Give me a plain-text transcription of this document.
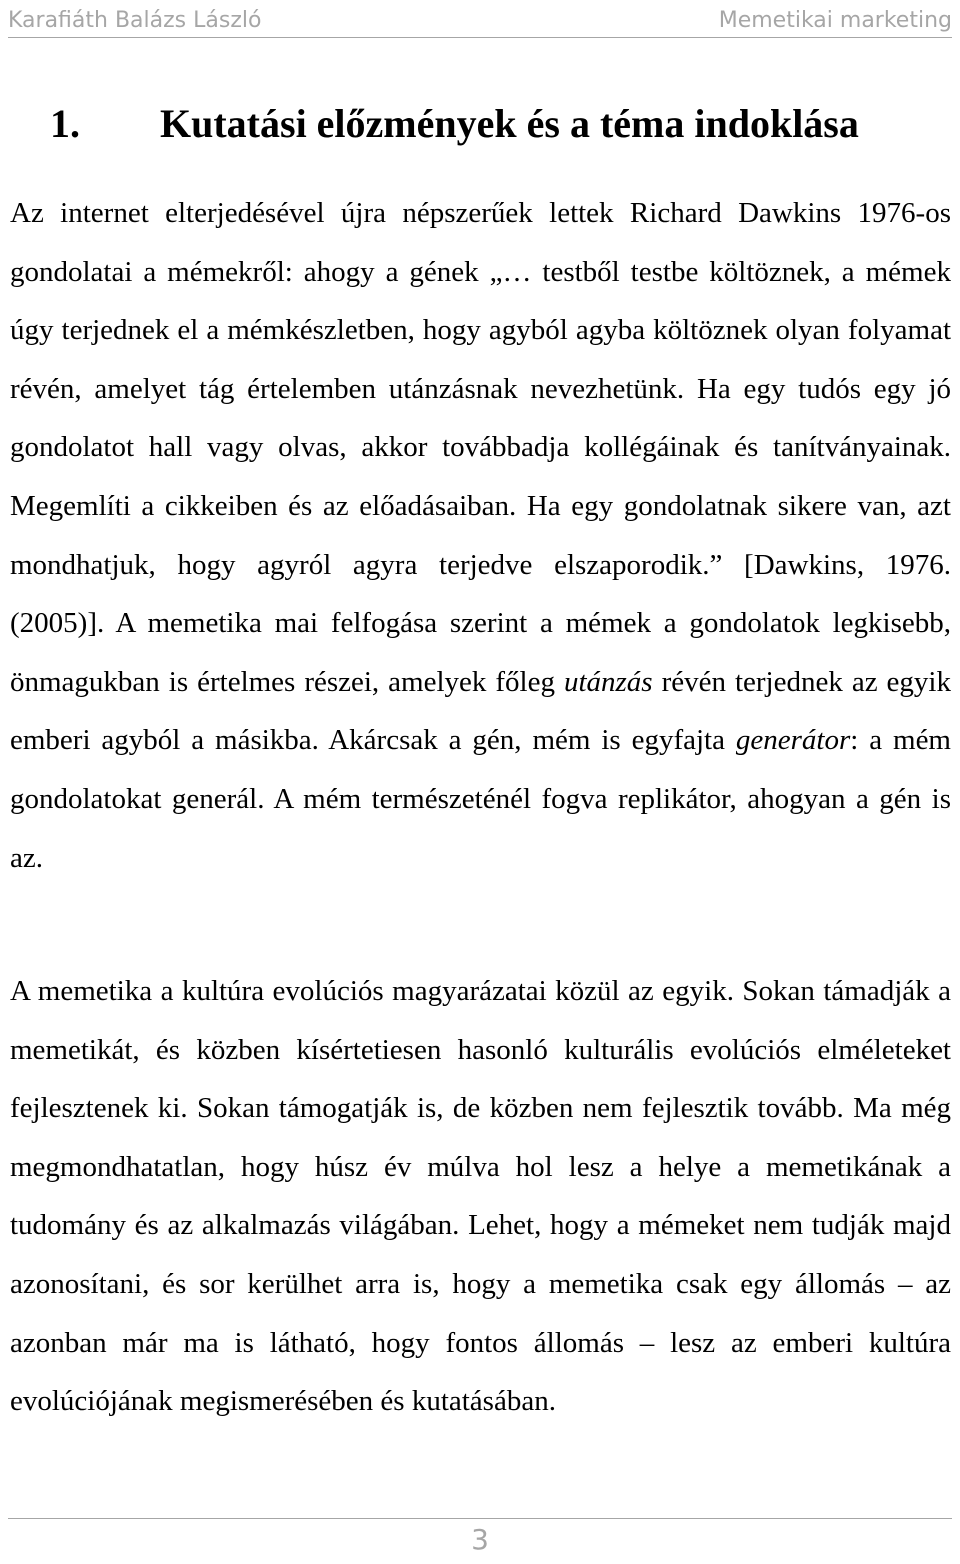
Karafiáth Balázs László	Memetikai marketing
1. Kutatási előzmények és a téma indoklása

Az internet elterjedésével újra népszerűek lettek Richard Dawkins 1976-os gondolatai a mémekről: ahogy a gének „… testből testbe költöznek, a mémek úgy terjednek el a mémkészletben, hogy agyból agyba költöznek olyan folyamat révén, amelyet tág értelemben utánzásnak nevezhetünk. Ha egy tudós egy jó gondolatot hall vagy olvas, akkor továbbadja kollégáinak és tanítványainak. Megemlíti a cikkeiben és az előadásaiban. Ha egy gondolatnak sikere van, azt mondhatjuk, hogy agyról agyra terjedve elszaporodik.” [Dawkins, 1976. (2005)]. A memetika mai felfogása szerint a mémek a gondolatok legkisebb, önmagukban is értelmes részei, amelyek főleg utánzás révén terjednek az egyik emberi agyból a másikba. Akárcsak a gén, mém is egyfajta generátor: a mém gondolatokat generál. A mém természeténél fogva replikátor, ahogyan a gén is az.

A memetika a kultúra evolúciós magyarázatai közül az egyik. Sokan támadják a memetikát, és közben kísértetiesen hasonló kulturális evolúciós elméleteket fejlesztenek ki. Sokan támogatják is, de közben nem fejlesztik tovább. Ma még megmondhatatlan, hogy húsz év múlva hol lesz a helye a memetikának a tudomány és az alkalmazás világában. Lehet, hogy a mémeket nem tudják majd azonosítani, és sor kerülhet arra is, hogy a memetika csak egy állomás – az azonban már ma is látható, hogy fontos állomás – lesz az emberi kultúra evolúciójának megismerésében és kutatásában.

3
